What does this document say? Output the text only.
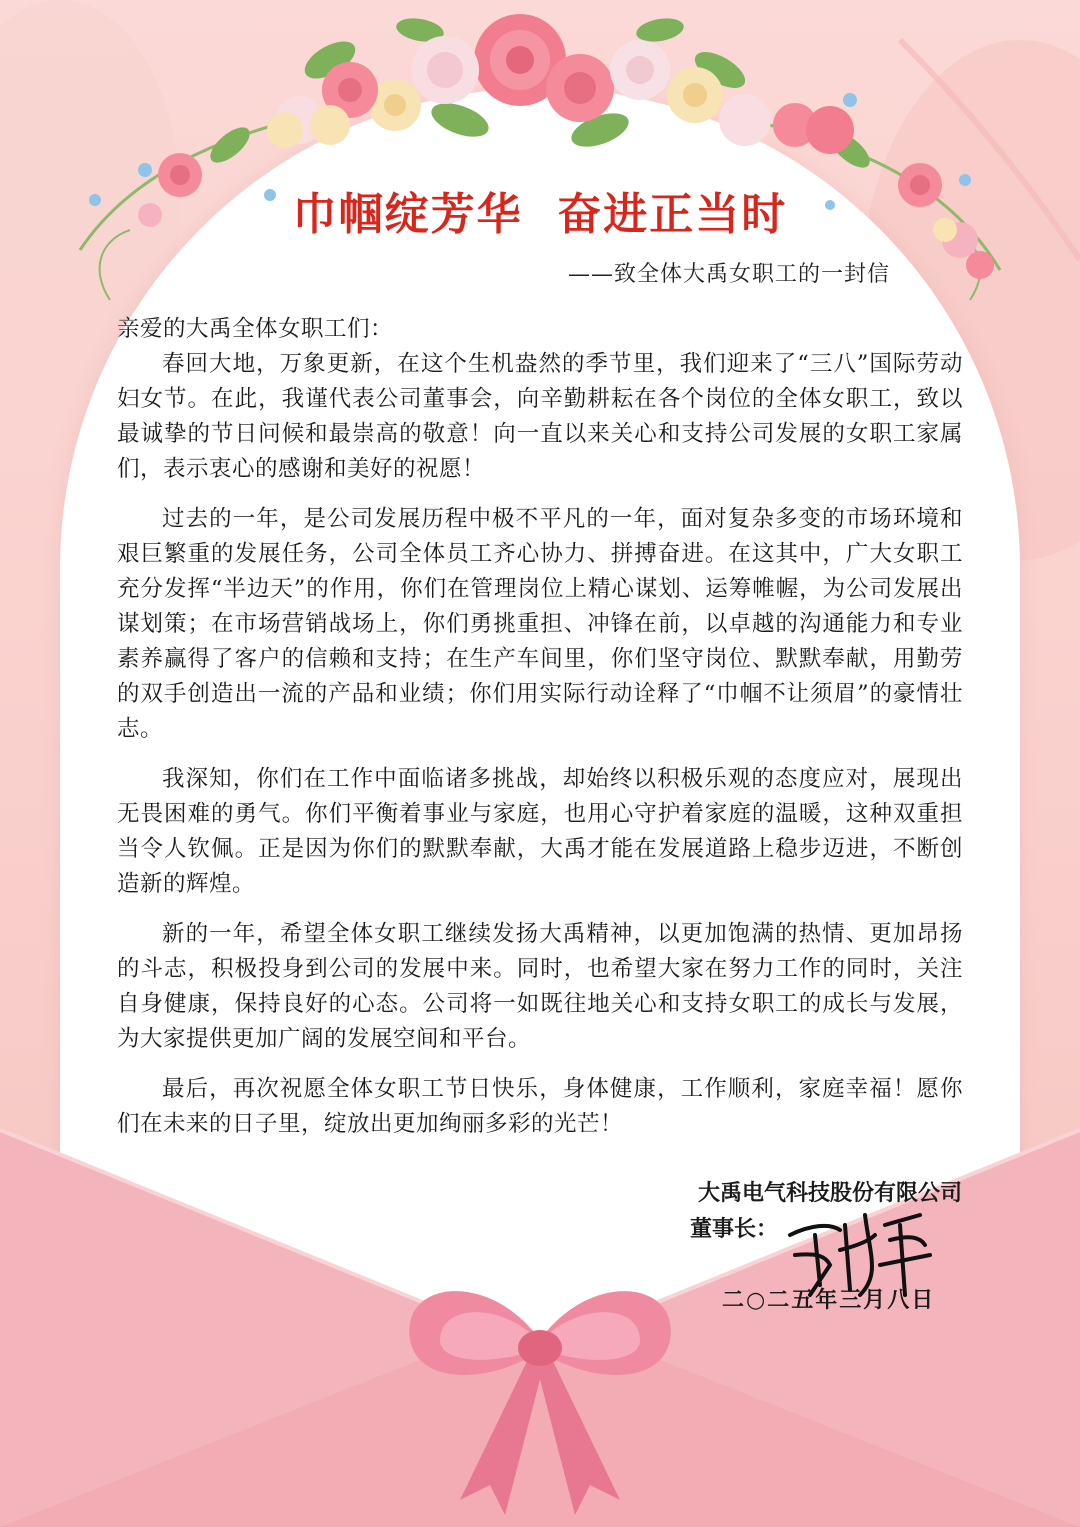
巾帼绽芳华  奋进正当时
——致全体大禹女职工的一封信

亲爱的大禹全体女职工们：

春回大地，万象更新，在这个生机盎然的季节里，我们迎来了“三八”国际劳动妇女节。在此，我谨代表公司董事会，向辛勤耕耘在各个岗位的全体女职工，致以最诚挚的节日问候和最崇高的敬意！向一直以来关心和支持公司发展的女职工家属们，表示衷心的感谢和美好的祝愿！

过去的一年，是公司发展历程中极不平凡的一年，面对复杂多变的市场环境和艰巨繁重的发展任务，公司全体员工齐心协力、拼搏奋进。在这其中，广大女职工充分发挥“半边天”的作用，你们在管理岗位上精心谋划、运筹帷幄，为公司发展出谋划策；在市场营销战场上，你们勇挑重担、冲锋在前，以卓越的沟通能力和专业素养赢得了客户的信赖和支持；在生产车间里，你们坚守岗位、默默奉献，用勤劳的双手创造出一流的产品和业绩；你们用实际行动诠释了“巾帼不让须眉”的豪情壮志。

我深知，你们在工作中面临诸多挑战，却始终以积极乐观的态度应对，展现出无畏困难的勇气。你们平衡着事业与家庭，也用心守护着家庭的温暖，这种双重担当令人钦佩。正是因为你们的默默奉献，大禹才能在发展道路上稳步迈进，不断创造新的辉煌。

新的一年，希望全体女职工继续发扬大禹精神，以更加饱满的热情、更加昂扬的斗志，积极投身到公司的发展中来。同时，也希望大家在努力工作的同时，关注自身健康，保持良好的心态。公司将一如既往地关心和支持女职工的成长与发展，为大家提供更加广阔的发展空间和平台。

最后，再次祝愿全体女职工节日快乐，身体健康，工作顺利，家庭幸福！愿你们在未来的日子里，绽放出更加绚丽多彩的光芒！

大禹电气科技股份有限公司
董事长：
二○二五年三月八日
